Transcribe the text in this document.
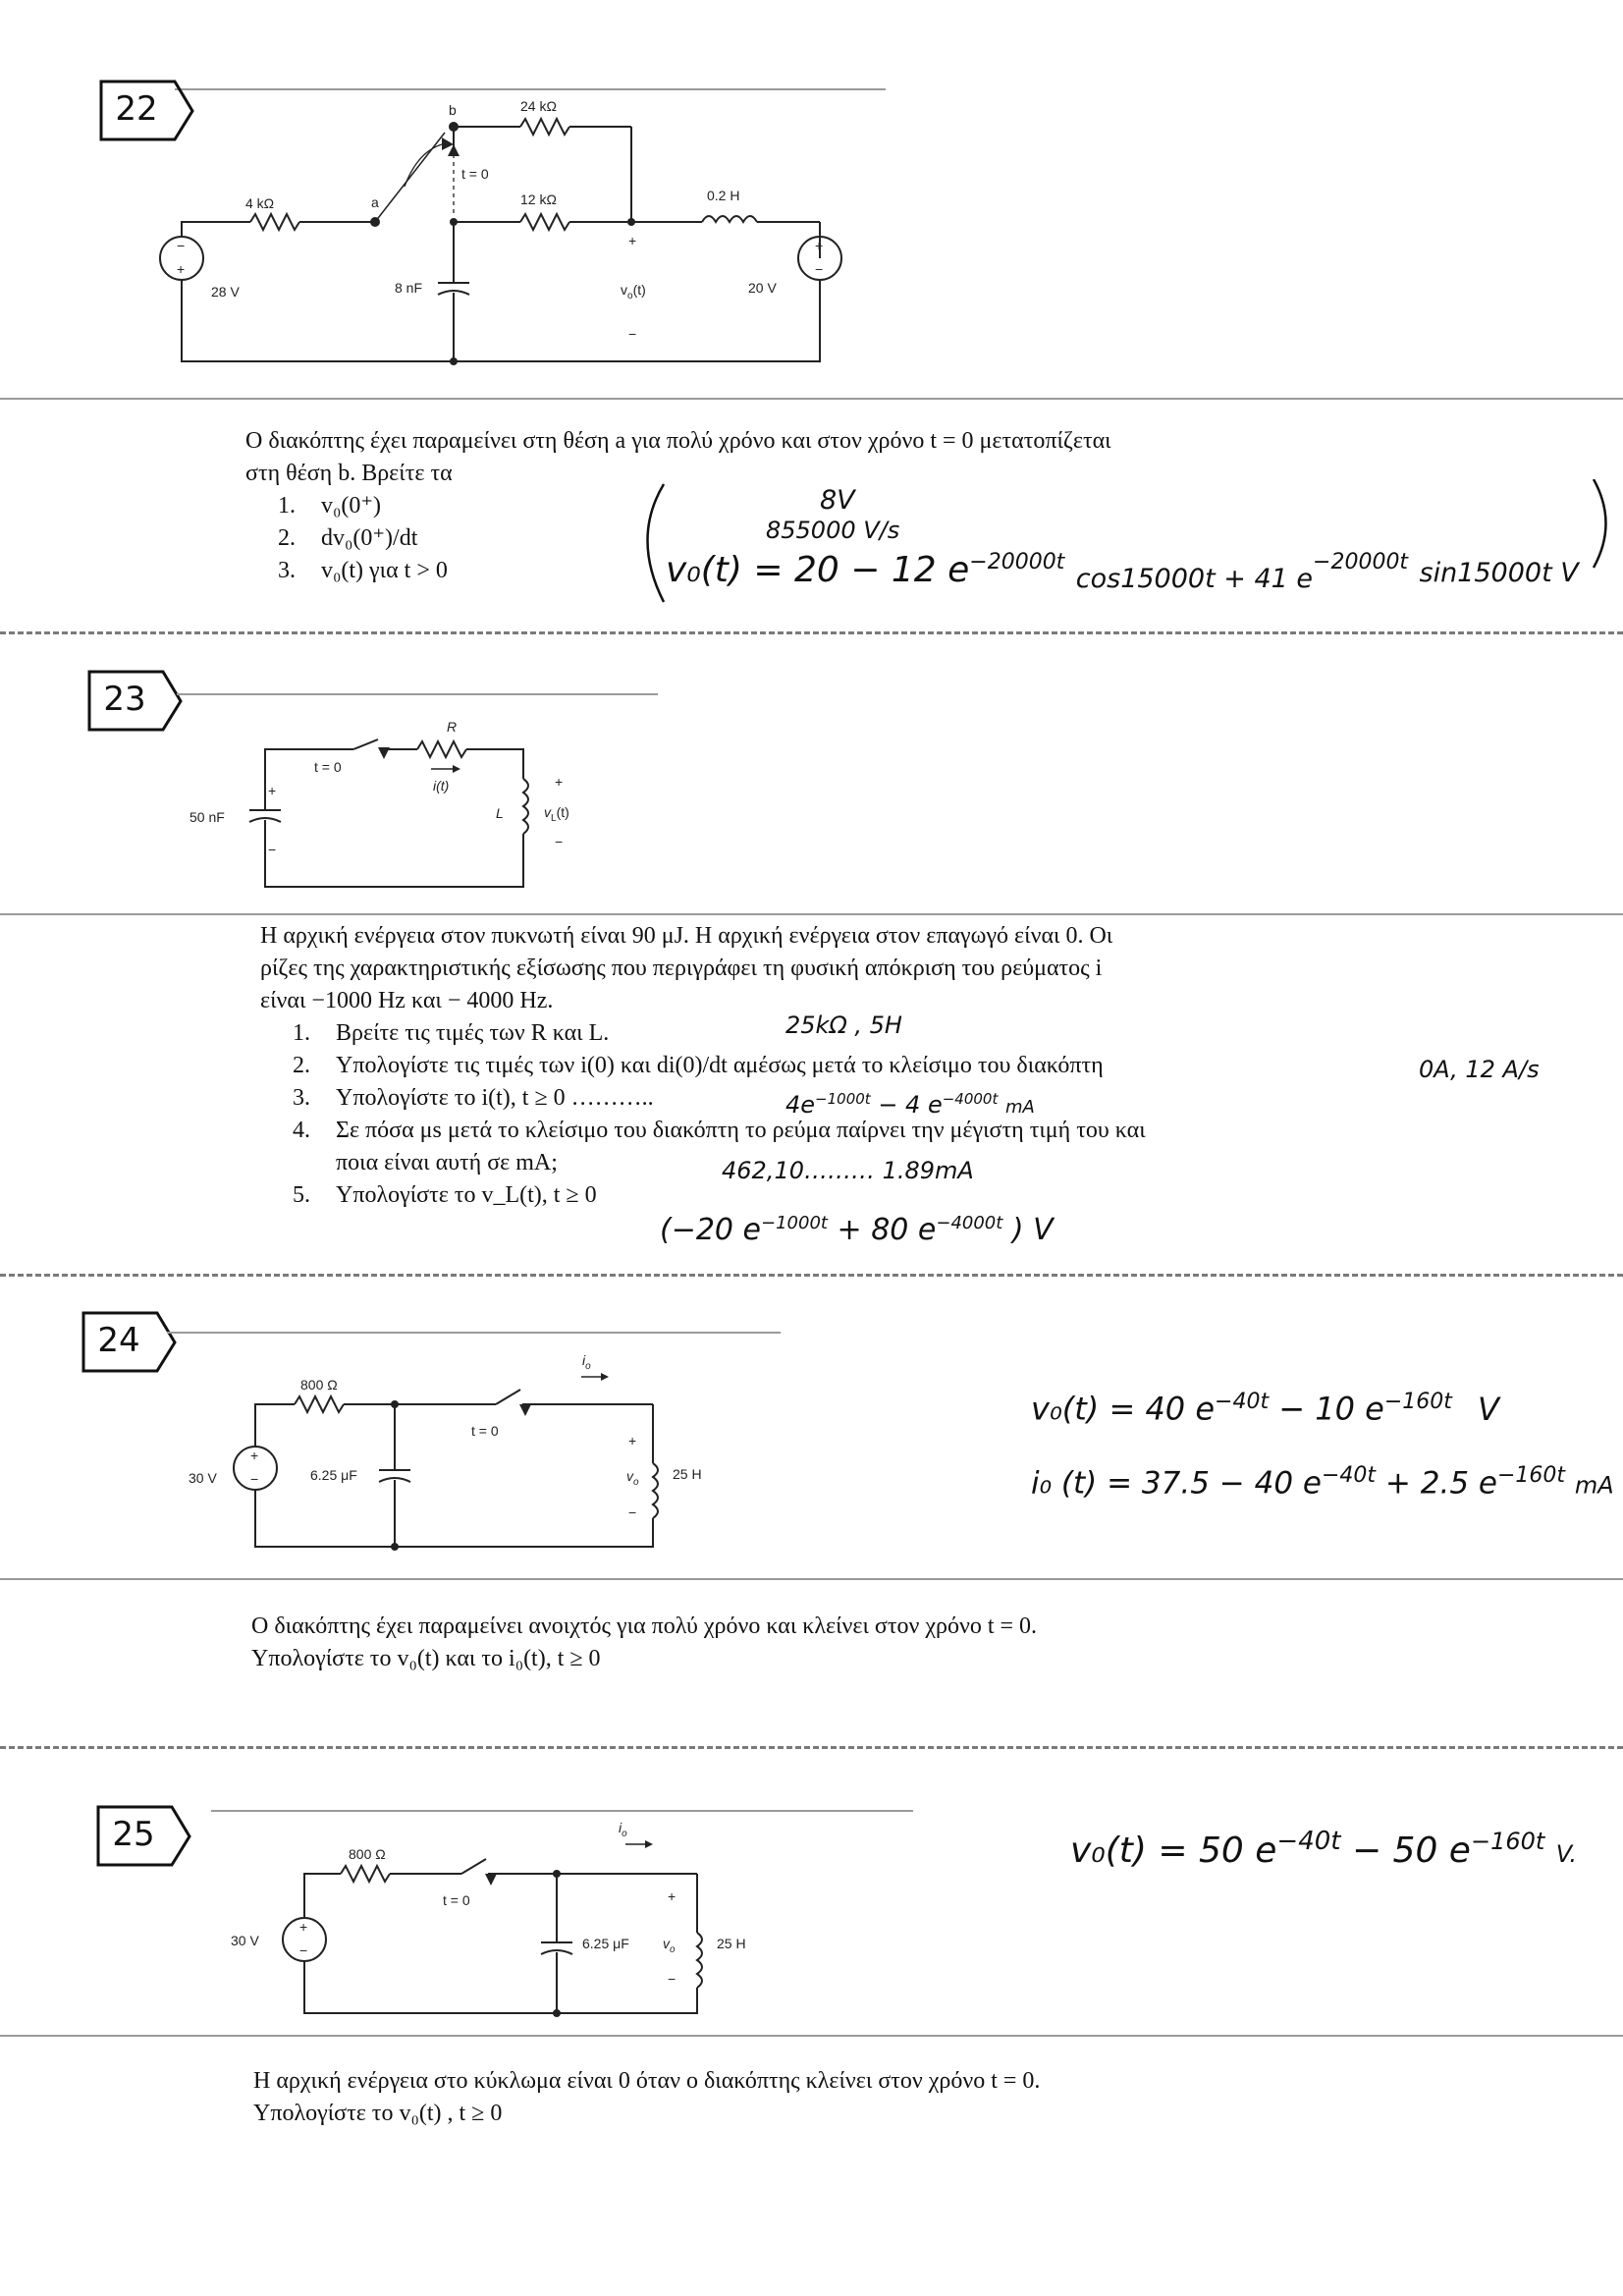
22
−
+
+
−
28 V	20 V
4 kΩ
24 kΩ
12 kΩ	0.2 H
8 nF
a
b
t = 0
+
−
$v_o(t)$
Ο διακόπτης έχει παραμείνει στη θέση a για πολύ χρόνο και στον χρόνο t = 0 μετατοπίζεται
στη θέση b. Βρείτε τα
1. v₀(0⁺)
2. dv₀(0⁺)/dt
3. v₀(t) για t > 0
8V
855000 V/s
v₀(t) = 20 − 12 $e^{-20000t}$ cos15000t + 41 $e^{-20000t}$ sin15000t V
23
R
50 nF	L
i(t)
t = 0
+
−
+
−
$v_L(t)$
Η αρχική ενέργεια στον πυκνωτή είναι 90 μJ. Η αρχική ενέργεια στον επαγωγό είναι 0. Οι
ρίζες της χαρακτηριστικής εξίσωσης που περιγράφει τη φυσική απόκριση του ρεύματος i
είναι −1000 Hz και − 4000 Hz.
1. Βρείτε τις τιμές των R και L.
2. Υπολογίστε τις τιμές των i(0) και di(0)/dt αμέσως μετά το κλείσιμο του διακόπτη
3. Υπολογίστε το i(t), t ≥ 0 ………..
4. Σε πόσα μs μετά το κλείσιμο του διακόπτη το ρεύμα παίρνει την μέγιστη τιμή του και
ποια είναι αυτή σε mA;
5. Υπολογίστε το v_L(t), t ≥ 0
25kΩ , 5H
0A, 12 A/s
$4e^{-1000t} - 4$ $e^{-4000t}$ mA
462,10……… 1.89mA
(−20 $e^{-1000t} + 80$ $e^{-4000t}$ ) V
24
+
−
30 V
800 Ω
6.25 μF	25 H
t = 0
+
−
$v_o$
$i_o$
v₀(t) = 40 $e^{-40t} - 10$ $e^{-160t}$ V
i₀ (t) = 37.5 − 40 $e^{-40t} + 2.5$ $e^{-160t}$ mA
Ο διακόπτης έχει παραμείνει ανοιχτός για πολύ χρόνο και κλείνει στον χρόνο t = 0.
Υπολογίστε το v₀(t) και το i₀(t), t ≥ 0
25
+
−
30 V
800 Ω
6.25 μF	25 H
t = 0	+
−
$v_o$
$i_o$	v₀(t) = 50 $e^{-40t} - 50$ $e^{-160t}$ V.
Η αρχική ενέργεια στο κύκλωμα είναι 0 όταν ο διακόπτης κλείνει στον χρόνο t = 0.
Υπολογίστε το v₀(t) , t ≥ 0
